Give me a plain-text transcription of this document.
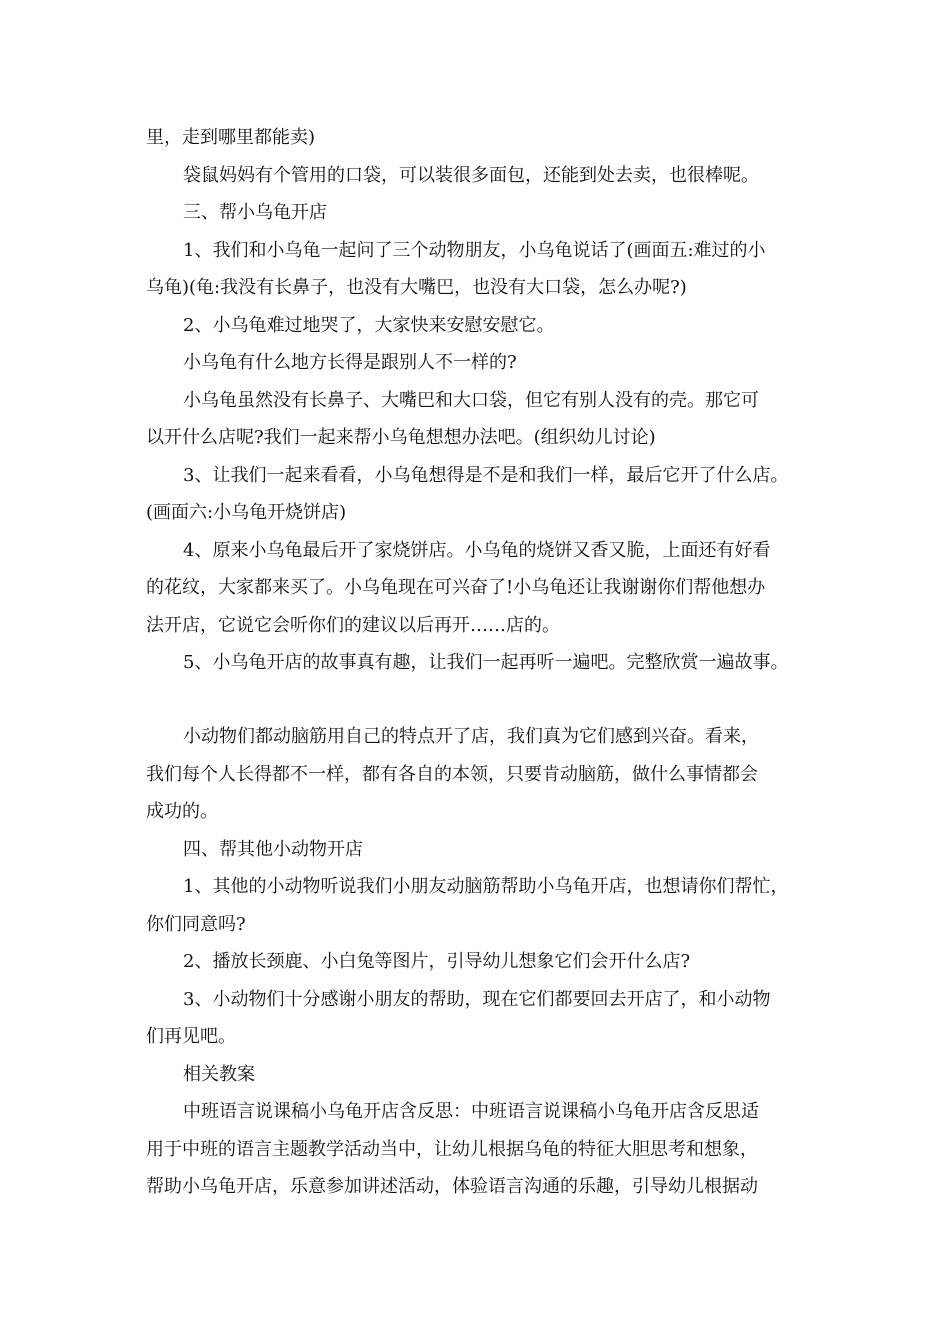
里，走到哪里都能卖)
袋鼠妈妈有个管用的口袋，可以装很多面包，还能到处去卖，也很棒呢。
三、帮小乌龟开店
1、我们和小乌龟一起问了三个动物朋友，小乌龟说话了(画面五:难过的小
乌龟)(龟:我没有长鼻子，也没有大嘴巴，也没有大口袋，怎么办呢?)
2、小乌龟难过地哭了，大家快来安慰安慰它。
小乌龟有什么地方长得是跟别人不一样的?
小乌龟虽然没有长鼻子、大嘴巴和大口袋，但它有别人没有的壳。那它可
以开什么店呢?我们一起来帮小乌龟想想办法吧。(组织幼儿讨论)
3、让我们一起来看看，小乌龟想得是不是和我们一样，最后它开了什么店。
(画面六:小乌龟开烧饼店)
4、原来小乌龟最后开了家烧饼店。小乌龟的烧饼又香又脆，上面还有好看
的花纹，大家都来买了。小乌龟现在可兴奋了!小乌龟还让我谢谢你们帮他想办
法开店，它说它会听你们的建议以后再开……店的。
5、小乌龟开店的故事真有趣，让我们一起再听一遍吧。完整欣赏一遍故事。
小动物们都动脑筋用自己的特点开了店，我们真为它们感到兴奋。看来，
我们每个人长得都不一样，都有各自的本领，只要肯动脑筋，做什么事情都会
成功的。
四、帮其他小动物开店
1、其他的小动物听说我们小朋友动脑筋帮助小乌龟开店，也想请你们帮忙，
你们同意吗?
2、播放长颈鹿、小白兔等图片，引导幼儿想象它们会开什么店?
3、小动物们十分感谢小朋友的帮助，现在它们都要回去开店了，和小动物
们再见吧。
相关教案
中班语言说课稿小乌龟开店含反思：中班语言说课稿小乌龟开店含反思适
用于中班的语言主题教学活动当中，让幼儿根据乌龟的特征大胆思考和想象，
帮助小乌龟开店，乐意参加讲述活动，体验语言沟通的乐趣，引导幼儿根据动
